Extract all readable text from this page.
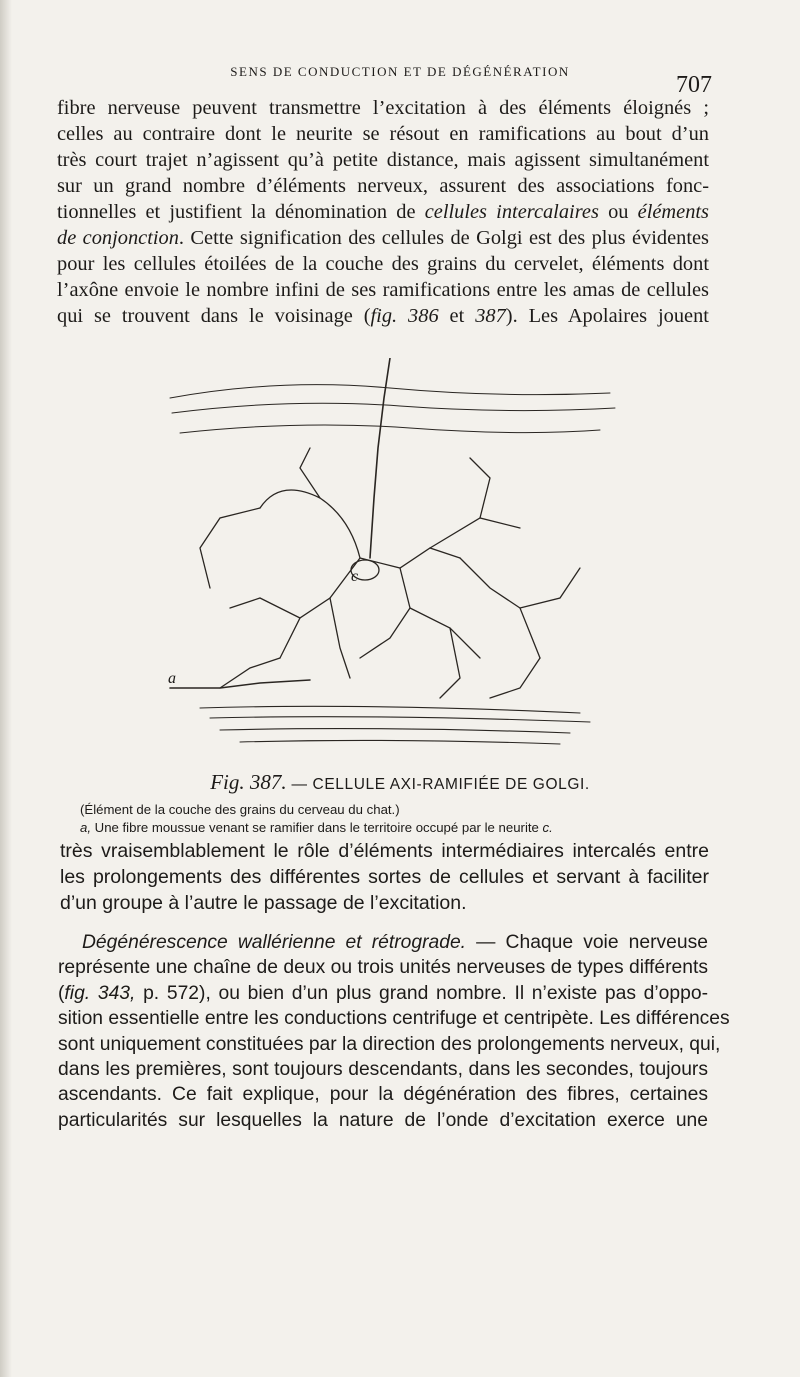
SENS DE CONDUCTION ET DE DÉGÉNÉRATION
707
fibre nerveuse peuvent transmettre l’excitation à des éléments éloignés ;
celles au contraire dont le neurite se résout en ramifications au bout d’un
très court trajet n’agissent qu’à petite distance, mais agissent simultanément
sur un grand nombre d’éléments nerveux, assurent des associations fonc-
tionnelles et justifient la dénomination de cellules intercalaires ou éléments
de conjonction. Cette signification des cellules de Golgi est des plus évidentes
pour les cellules étoilées de la couche des grains du cervelet, éléments dont
l’axône envoie le nombre infini de ses ramifications entre les amas de cellules
qui se trouvent dans le voisinage (fig. 386 et 387). Les Apolaires jouent
c
a
Fig. 387. — CELLULE AXI-RAMIFIÉE DE GOLGI.
(Élément de la couche des grains du cerveau du chat.)
a, Une fibre moussue venant se ramifier dans le territoire occupé par le neurite c.
très vraisemblablement le rôle d’éléments intermédiaires intercalés entre
les prolongements des différentes sortes de cellules et servant à faciliter
d’un groupe à l’autre le passage de l’excitation.
Dégénérescence wallérienne et rétrograde. — Chaque voie nerveuse
représente une chaîne de deux ou trois unités nerveuses de types différents
(fig. 343, p. 572), ou bien d’un plus grand nombre. Il n’existe pas d’oppo-
sition essentielle entre les conductions centrifuge et centripète. Les différences
sont uniquement constituées par la direction des prolongements nerveux, qui,
dans les premières, sont toujours descendants, dans les secondes, toujours
ascendants. Ce fait explique, pour la dégénération des fibres, certaines
particularités sur lesquelles la nature de l’onde d’excitation exerce une
